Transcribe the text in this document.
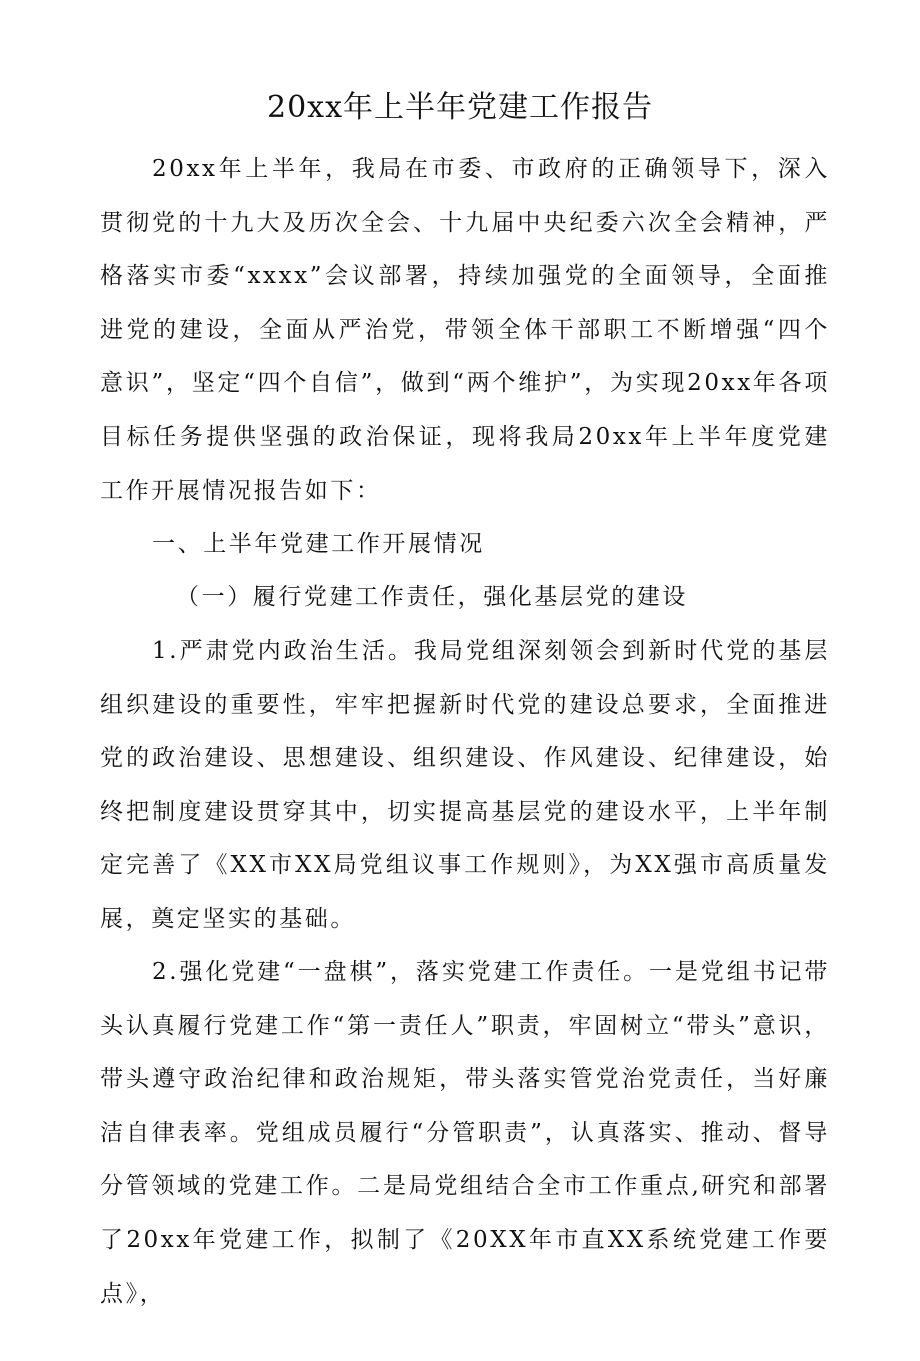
20xx年上半年党建工作报告

20xx年上半年，我局在市委、市政府的正确领导下，深入贯彻党的十九大及历次全会、十九届中央纪委六次全会精神，严格落实市委“xxxx”会议部署，持续加强党的全面领导，全面推进党的建设，全面从严治党，带领全体干部职工不断增强“四个意识”，坚定“四个自信”，做到“两个维护”，为实现20xx年各项目标任务提供坚强的政治保证，现将我局20xx年上半年度党建工作开展情况报告如下：

一、上半年党建工作开展情况

（一）履行党建工作责任，强化基层党的建设

1.严肃党内政治生活。我局党组深刻领会到新时代党的基层组织建设的重要性，牢牢把握新时代党的建设总要求，全面推进党的政治建设、思想建设、组织建设、作风建设、纪律建设，始终把制度建设贯穿其中，切实提高基层党的建设水平，上半年制定完善了《XX市XX局党组议事工作规则》，为XX强市高质量发展，奠定坚实的基础。

2.强化党建“一盘棋”，落实党建工作责任。一是党组书记带头认真履行党建工作“第一责任人”职责，牢固树立“带头”意识，带头遵守政治纪律和政治规矩，带头落实管党治党责任，当好廉洁自律表率。党组成员履行“分管职责”，认真落实、推动、督导分管领域的党建工作。二是局党组结合全市工作重点,研究和部署了20xx年党建工作，拟制了《20XX年市直XX系统党建工作要点》，
